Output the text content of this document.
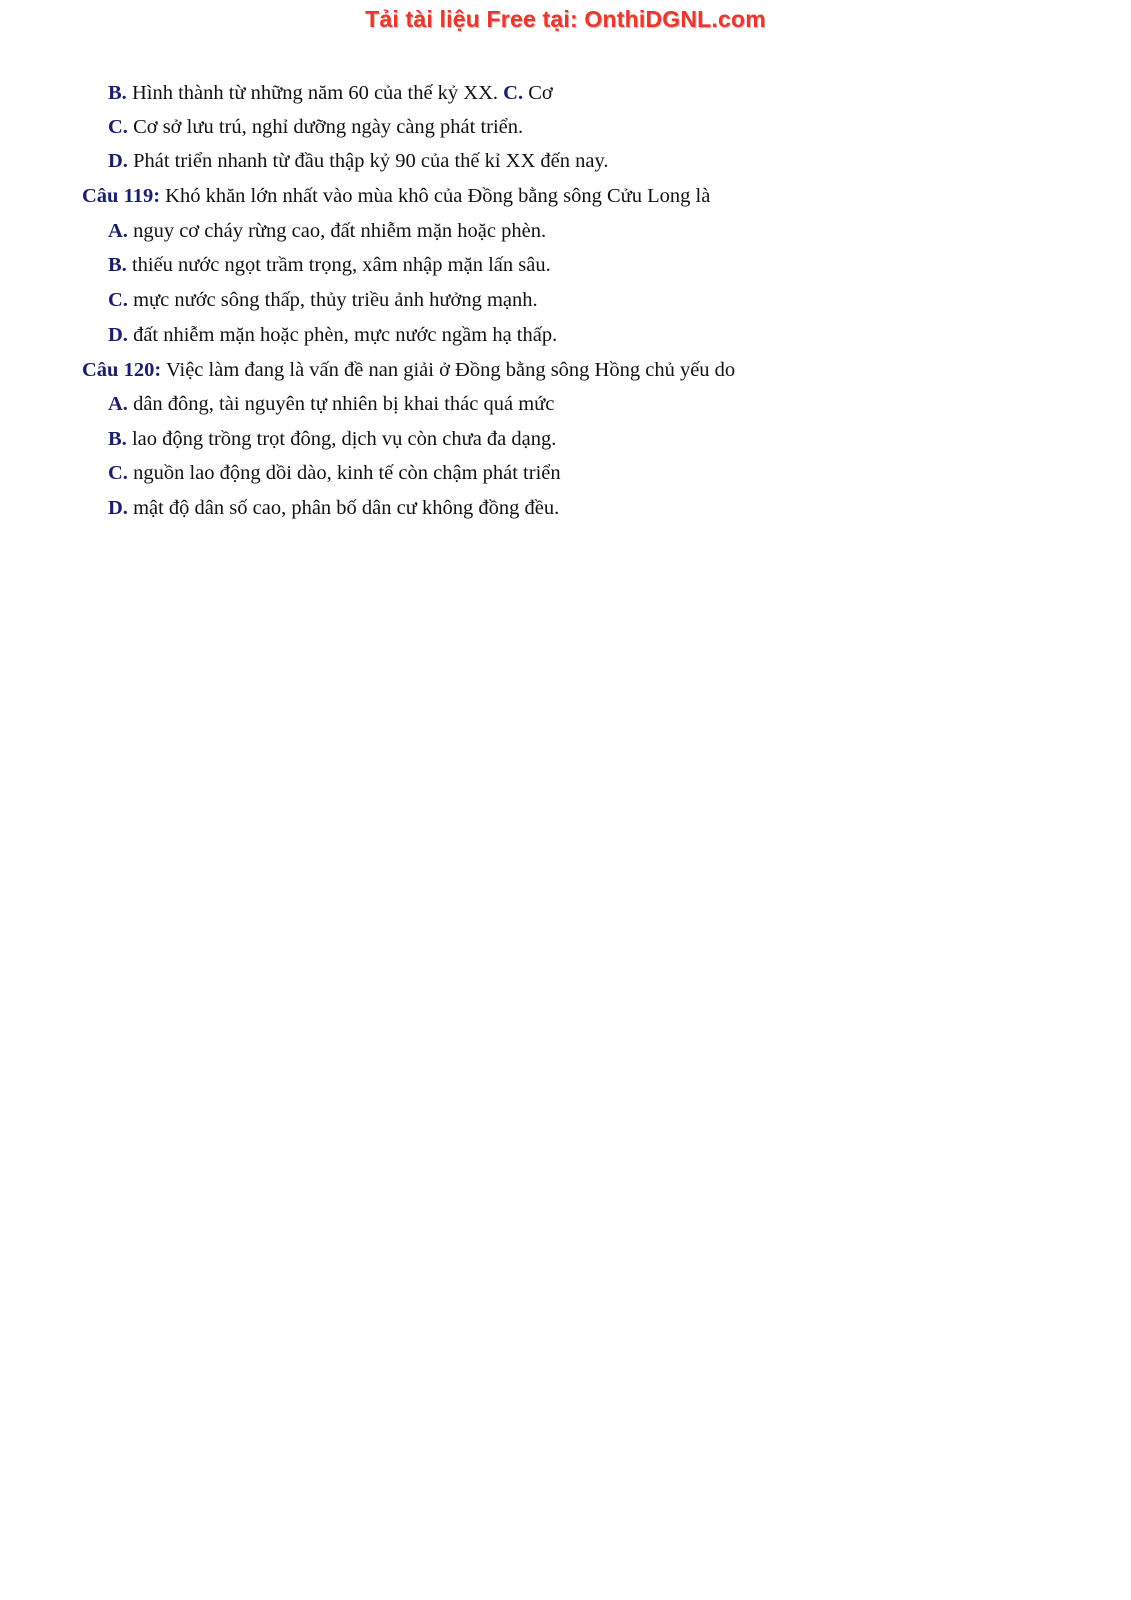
Tải tài liệu Free tại: OnthiDGNL.com
B. Hình thành từ những năm 60 của thế kỷ XX. C. Cơ
C. Cơ sở lưu trú, nghỉ dưỡng ngày càng phát triển.
D. Phát triển nhanh từ đầu thập kỷ 90 của thế kỉ XX đến nay.
Câu 119: Khó khăn lớn nhất vào mùa khô của Đồng bằng sông Cửu Long là
A. nguy cơ cháy rừng cao, đất nhiễm mặn hoặc phèn.
B. thiếu nước ngọt trầm trọng, xâm nhập mặn lấn sâu.
C. mực nước sông thấp, thủy triều ảnh hưởng mạnh.
D. đất nhiễm mặn hoặc phèn, mực nước ngầm hạ thấp.
Câu 120: Việc làm đang là vấn đề nan giải ở Đồng bằng sông Hồng chủ yếu do
A. dân đông, tài nguyên tự nhiên bị khai thác quá mức
B. lao động trồng trọt đông, dịch vụ còn chưa đa dạng.
C. nguồn lao động dồi dào, kinh tế còn chậm phát triển
D. mật độ dân số cao, phân bố dân cư không đồng đều.
